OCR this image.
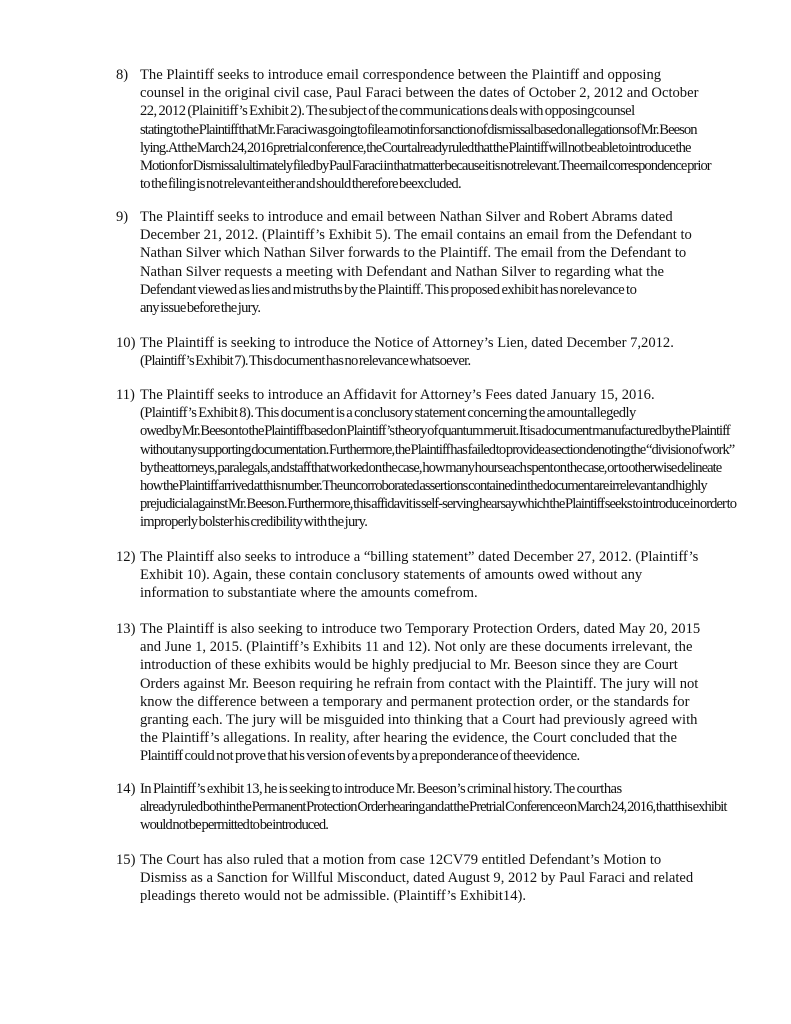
8) The Plaintiff seeks to introduce email correspondence between the Plaintiff and opposing
counsel in the original civil case, Paul Faraci between the dates of October 2, 2012 and October
22, 2012 (Plainitiff’s Exhibit 2). The subject of the communications deals with opposingcounsel
stating to the Plaintiff that Mr. Faraci was going to file a motin for sanction of dismissal based on allegations of Mr. Beeson
lying. At the March 24, 2016 pretrial conference, the Court already ruled that the Plaintiff will not be able to introduce the
Motion for Dismissal ultimately filed by Paul Faraci in that matter because it is not relevant. The email correspondence prior
to the filing is not relevant either and should therefore beexcluded.
9) The Plaintiff seeks to introduce and email between Nathan Silver and Robert Abrams dated
December 21, 2012. (Plaintiff’s Exhibit 5). The email contains an email from the Defendant to
Nathan Silver which Nathan Silver forwards to the Plaintiff. The email from the Defendant to
Nathan Silver requests a meeting with Defendant and Nathan Silver to regarding what the
Defendant viewed as lies and mistruths by the Plaintiff. This proposed exhibit has norelevance to
any issue before the jury.
10) The Plaintiff is seeking to introduce the Notice of Attorney’s Lien, dated December 7,2012.
(Plaintiff’s Exhibit 7). This document has no relevance whatsoever.
11) The Plaintiff seeks to introduce an Affidavit for Attorney’s Fees dated January 15, 2016.
(Plaintiff’s Exhibit 8). This document is a conclusory statement concerning the amountallegedly
owed by Mr. Beeson to the Plaintiff based on Plaintiff’s theory of quantum meruit. It is a document manufactured by the Plaintiff
without any supporting documentation. Furthermore, the Plaintiff has failed to provide a section denoting the “division of work”
by the attorneys, paralegals, and staff that worked on the case, how many hours each spent on the case, or to otherwise delineate
how the Plaintiff arrived at this number. The uncorroborated assertions contained in the document are irrelevant and highly
prejudicial against Mr. Beeson. Furthermore, this affidavit is self-serving hearsay which the Plaintiff seeks to introduce in order to
improperly bolster his credibility with the jury.
12) The Plaintiff also seeks to introduce a “billing statement” dated December 27, 2012. (Plaintiff’s
Exhibit 10). Again, these contain conclusory statements of amounts owed without any
information to substantiate where the amounts comefrom.
13) The Plaintiff is also seeking to introduce two Temporary Protection Orders, dated May 20, 2015
and June 1, 2015. (Plaintiff’s Exhibits 11 and 12). Not only are these documents irrelevant, the
introduction of these exhibits would be highly predjucial to Mr. Beeson since they are Court
Orders against Mr. Beeson requiring he refrain from contact with the Plaintiff. The jury will not
know the difference between a temporary and permanent protection order, or the standards for
granting each. The jury will be misguided into thinking that a Court had previously agreed with
the Plaintiff’s allegations. In reality, after hearing the evidence, the Court concluded that the
Plaintiff could not prove that his version of events by a preponderance of theevidence.
14) In Plaintiff’s exhibit 13, he is seeking to introduce Mr. Beeson’s criminal history. The courthas
already ruled both in the Permanent Protection Order hearing and at the Pretrial Conference on March 24, 2016, that this exhibit
would not be permitted to be introduced.
15) The Court has also ruled that a motion from case 12CV79 entitled Defendant’s Motion to
Dismiss as a Sanction for Willful Misconduct, dated August 9, 2012 by Paul Faraci and related
pleadings thereto would not be admissible. (Plaintiff’s Exhibit14).
